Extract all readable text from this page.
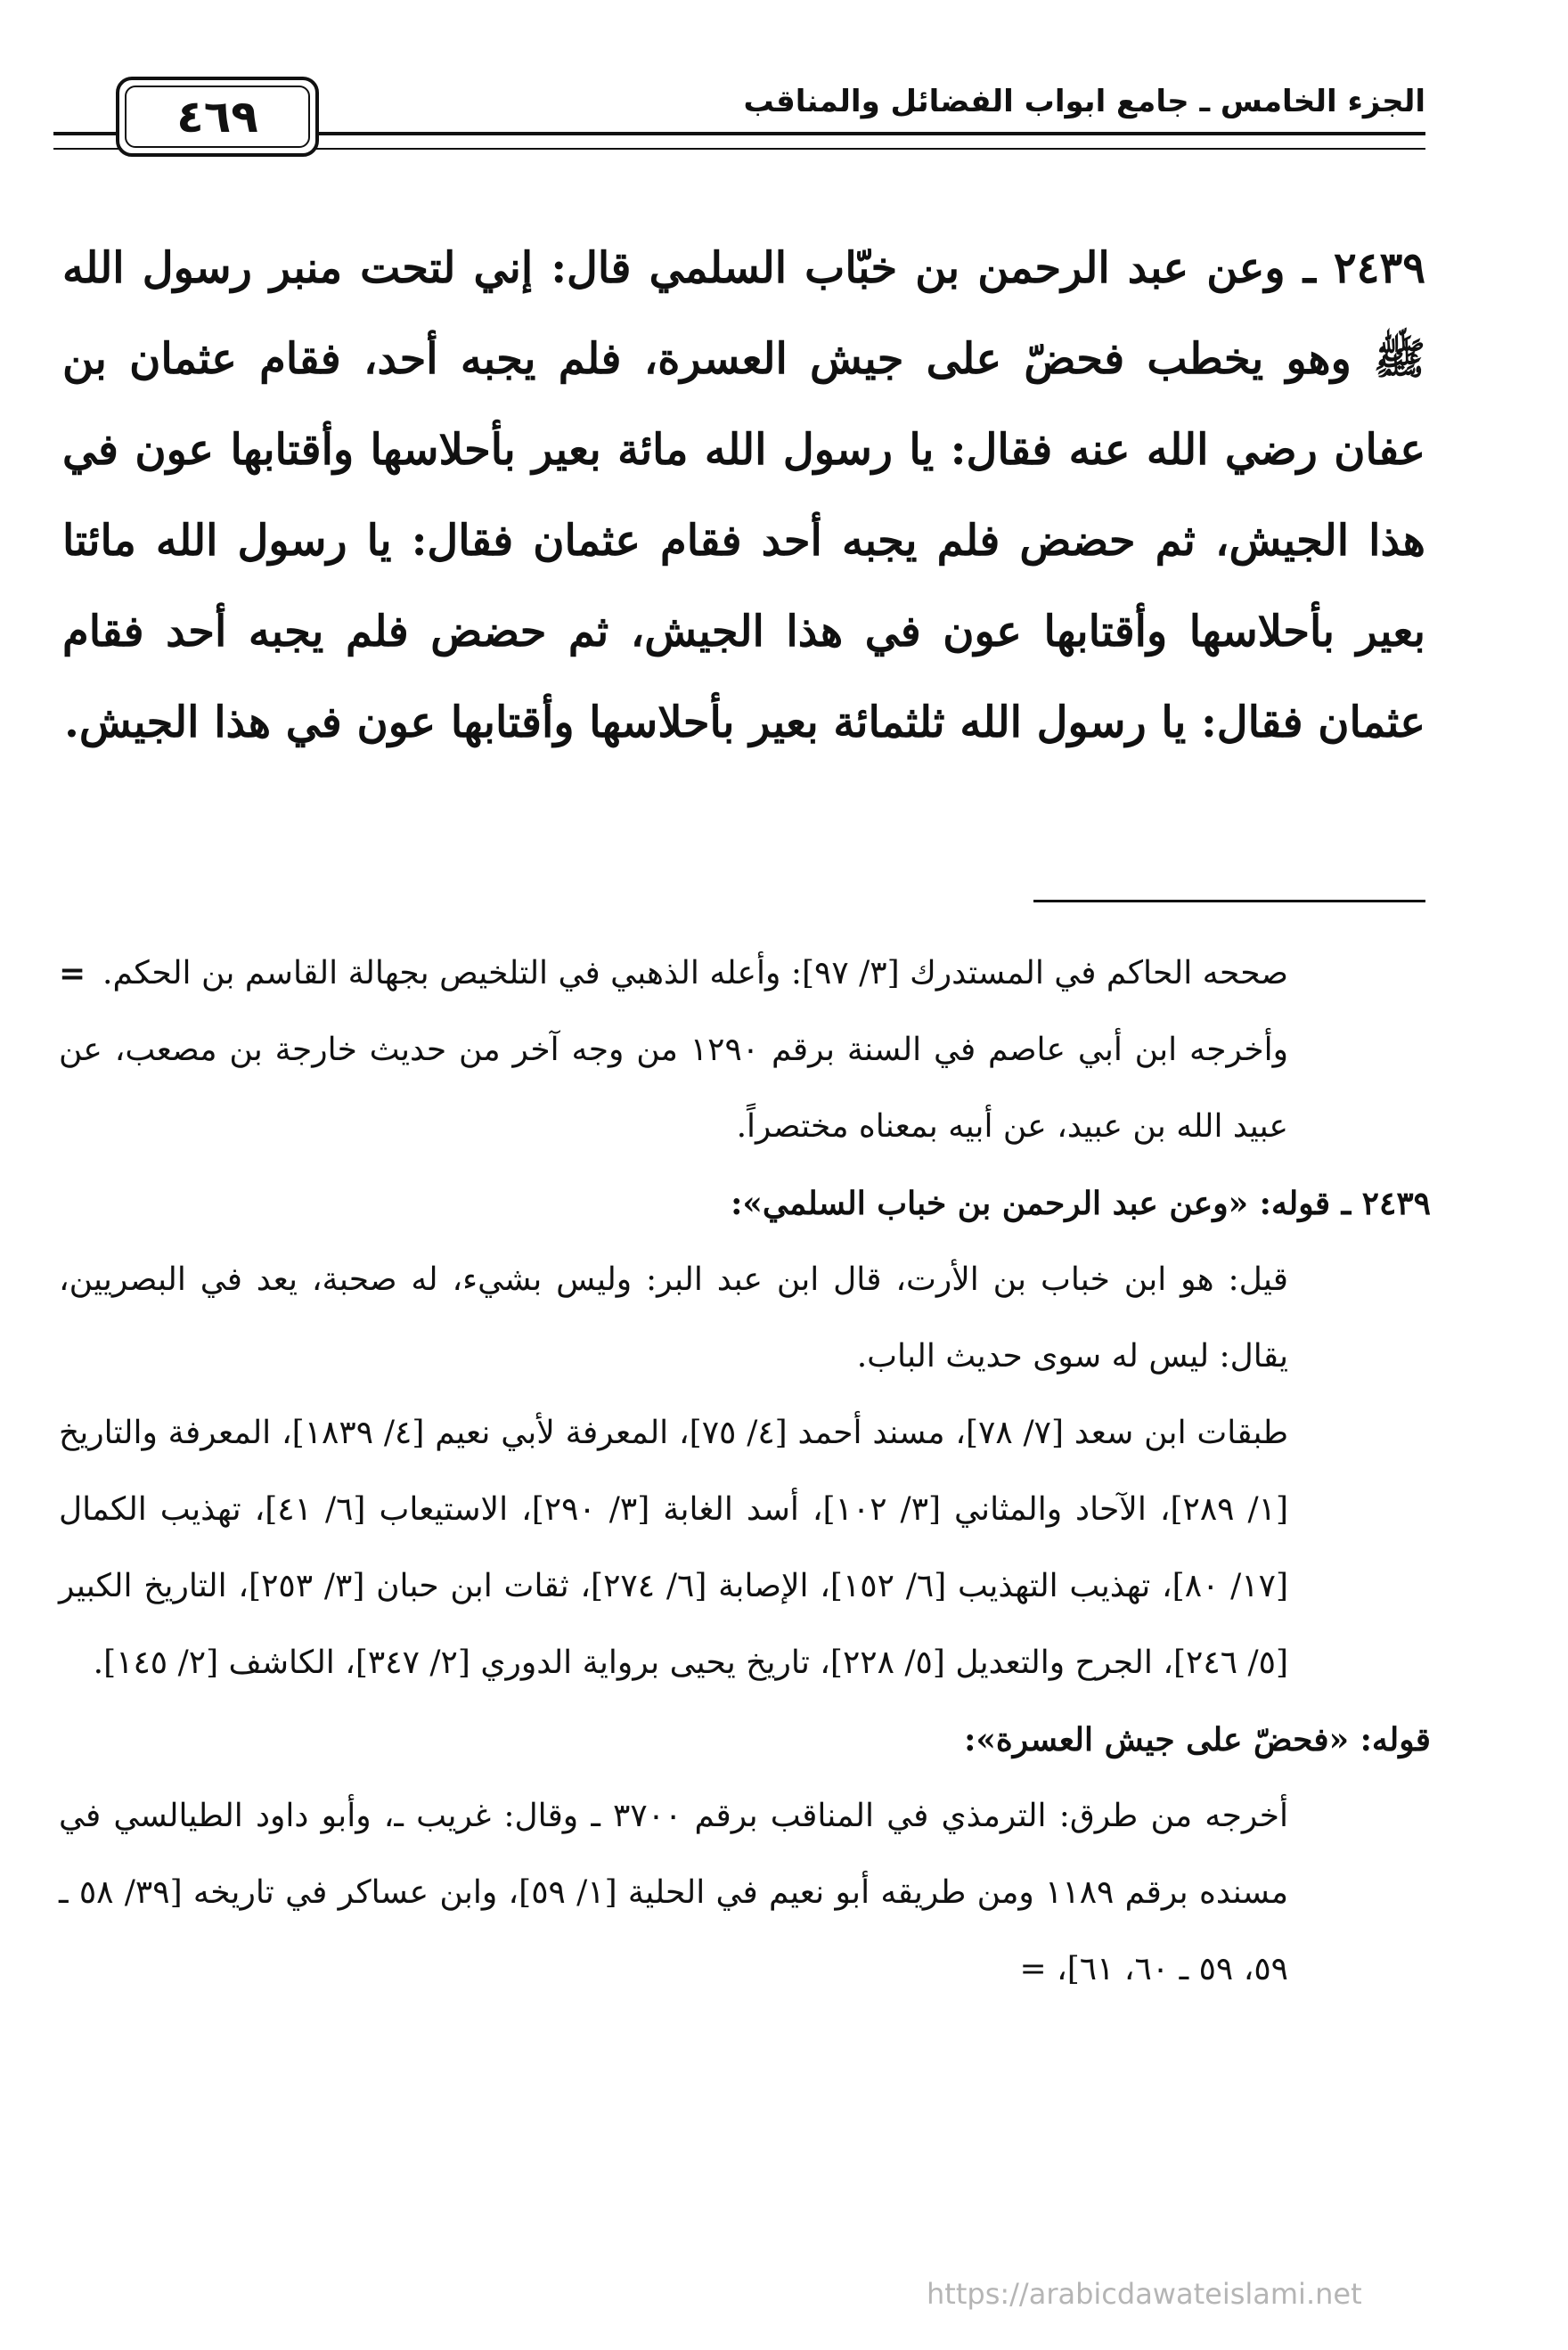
الجزء الخامس ـ جامع ابواب الفضائل والمناقب
٤٦٩
٢٤٣٩ ـ وعن عبد الرحمن بن خبّاب السلمي قال: إني لتحت منبر رسول الله ﷺ وهو يخطب فحضّ على جيش العسرة، فلم يجبه أحد، فقام عثمان بن عفان رضي الله عنه فقال: يا رسول الله مائة بعير بأحلاسها وأقتابها عون في هذا الجيش، ثم حضض فلم يجبه أحد فقام عثمان فقال: يا رسول الله مائتا بعير بأحلاسها وأقتابها عون في هذا الجيش، ثم حضض فلم يجبه أحد فقام عثمان فقال: يا رسول الله ثلثمائة بعير بأحلاسها وأقتابها عون في هذا الجيش.
= صححه الحاكم في المستدرك [٣/ ٩٧]: وأعله الذهبي في التلخيص بجهالة القاسم بن الحكم.

وأخرجه ابن أبي عاصم في السنة برقم ١٢٩٠ من وجه آخر من حديث خارجة بن مصعب، عن عبيد الله بن عبيد، عن أبيه بمعناه مختصراً.

٢٤٣٩ ـ قوله: «وعن عبد الرحمن بن خباب السلمي»:

قيل: هو ابن خباب بن الأرت، قال ابن عبد البر: وليس بشيء، له صحبة، يعد في البصريين، يقال: ليس له سوى حديث الباب.

طبقات ابن سعد [٧/ ٧٨]، مسند أحمد [٤/ ٧٥]، المعرفة لأبي نعيم [٤/ ١٨٣٩]، المعرفة والتاريخ [١/ ٢٨٩]، الآحاد والمثاني [٣/ ١٠٢]، أسد الغابة [٣/ ٢٩٠]، الاستيعاب [٦/ ٤١]، تهذيب الكمال [١٧/ ٨٠]، تهذيب التهذيب [٦/ ١٥٢]، الإصابة [٦/ ٢٧٤]، ثقات ابن حبان [٣/ ٢٥٣]، التاريخ الكبير [٥/ ٢٤٦]، الجرح والتعديل [٥/ ٢٢٨]، تاريخ يحيى برواية الدوري [٢/ ٣٤٧]، الكاشف [٢/ ١٤٥].

قوله: «فحضّ على جيش العسرة»:

أخرجه من طرق: الترمذي في المناقب برقم ٣٧٠٠ ـ وقال: غريب ـ، وأبو داود الطيالسي في مسنده برقم ١١٨٩ ومن طريقه أبو نعيم في الحلية [١/ ٥٩]، وابن عساكر في تاريخه [٣٩/ ٥٨ ـ ٥٩، ٥٩ ـ ٦٠، ٦١]، =

https://arabicdawateislami.net
